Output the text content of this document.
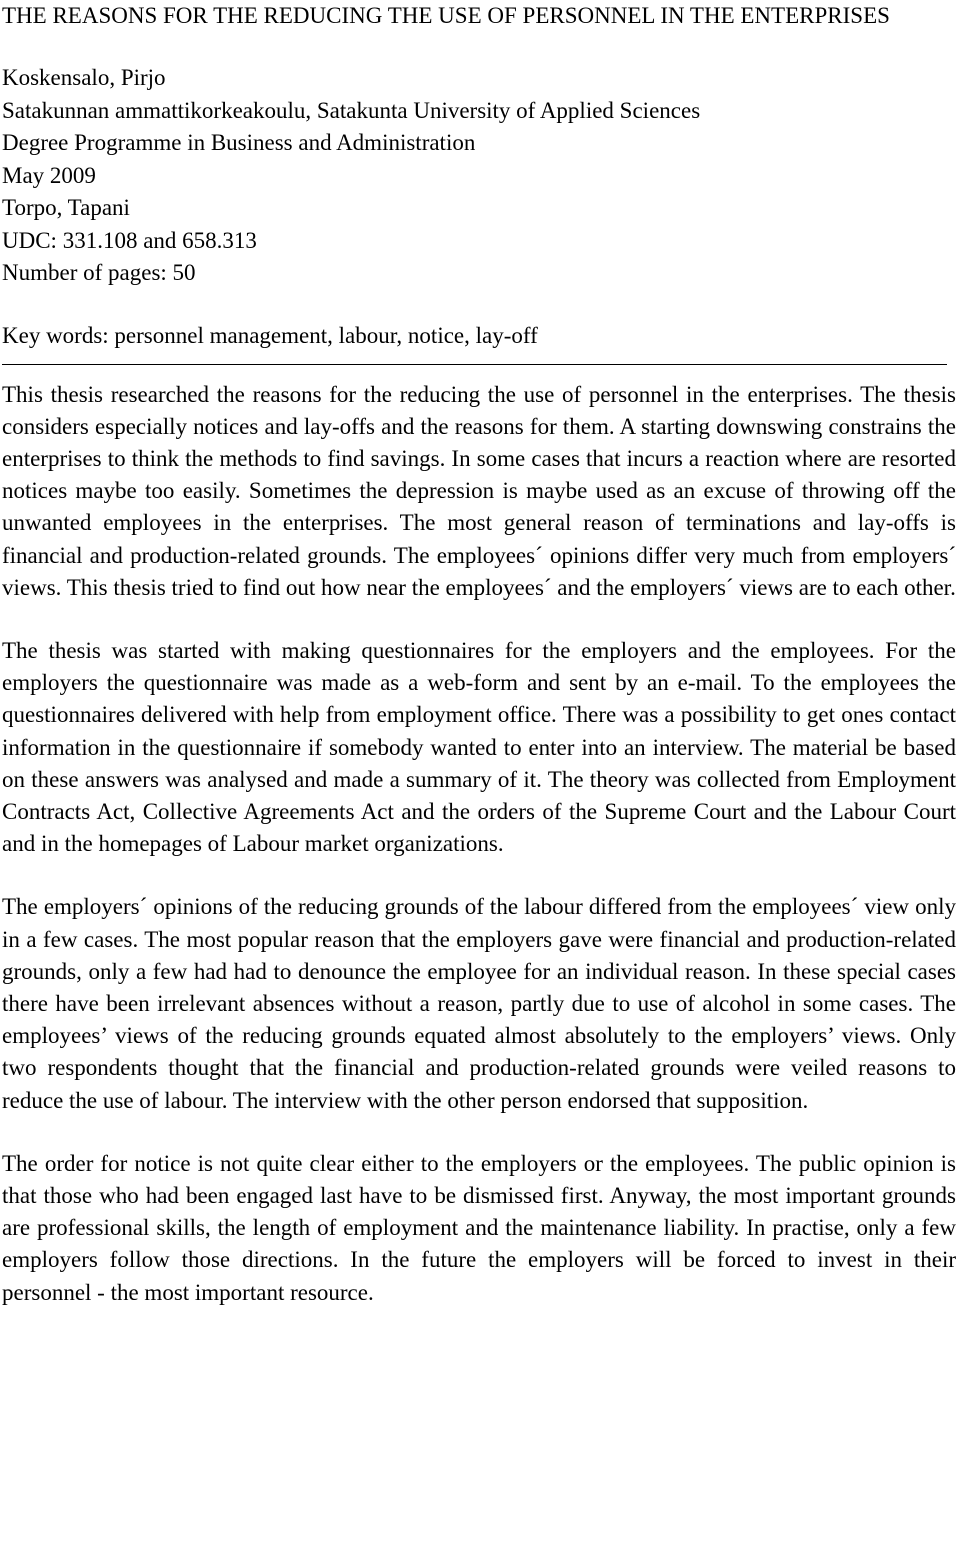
THE REASONS FOR THE REDUCING THE USE OF PERSONNEL IN THE ENTERPRISES
Koskensalo, Pirjo
Satakunnan ammattikorkeakoulu, Satakunta University of Applied Sciences
Degree Programme in Business and Administration
May 2009
Torpo, Tapani
UDC: 331.108 and 658.313
Number of pages: 50
Key words: personnel management, labour, notice, lay-off

This thesis researched the reasons for the reducing the use of personnel in the enterprises. The thesis considers especially notices and lay-offs and the reasons for them. A starting downswing constrains the enterprises to think the methods to find savings. In some cases that incurs a reaction where are resorted notices maybe too easily. Sometimes the depression is maybe used as an excuse of throwing off the unwanted employees in the enterprises. The most general reason of terminations and lay-offs is financial and production-related grounds. The employees´ opinions differ very much from employers´ views. This thesis tried to find out how near the employees´ and the employers´ views are to each other.

The thesis was started with making questionnaires for the employers and the employees. For the employers the questionnaire was made as a web-form and sent by an e-mail. To the employees the questionnaires delivered with help from employment office. There was a possibility to get ones contact information in the questionnaire if somebody wanted to enter into an interview. The material be based on these answers was analysed and made a summary of it. The theory was collected from Employment Contracts Act, Collective Agreements Act and the orders of the Supreme Court and the Labour Court and in the homepages of Labour market organizations.

The employers´ opinions of the reducing grounds of the labour differed from the employees´ view only in a few cases. The most popular reason that the employers gave were financial and production-related grounds, only a few had had to denounce the employee for an individual reason. In these special cases there have been irrelevant absences without a reason, partly due to use of alcohol in some cases. The employees’ views of the reducing grounds equated almost absolutely to the employers’ views. Only two respondents thought that the financial and production-related grounds were veiled reasons to reduce the use of labour. The interview with the other person endorsed that supposition.

The order for notice is not quite clear either to the employers or the employees. The public opinion is that those who had been engaged last have to be dismissed first. Anyway, the most important grounds are professional skills, the length of employment and the maintenance liability. In practise, only a few employers follow those directions. In the future the employers will be forced to invest in their personnel - the most important resource.
